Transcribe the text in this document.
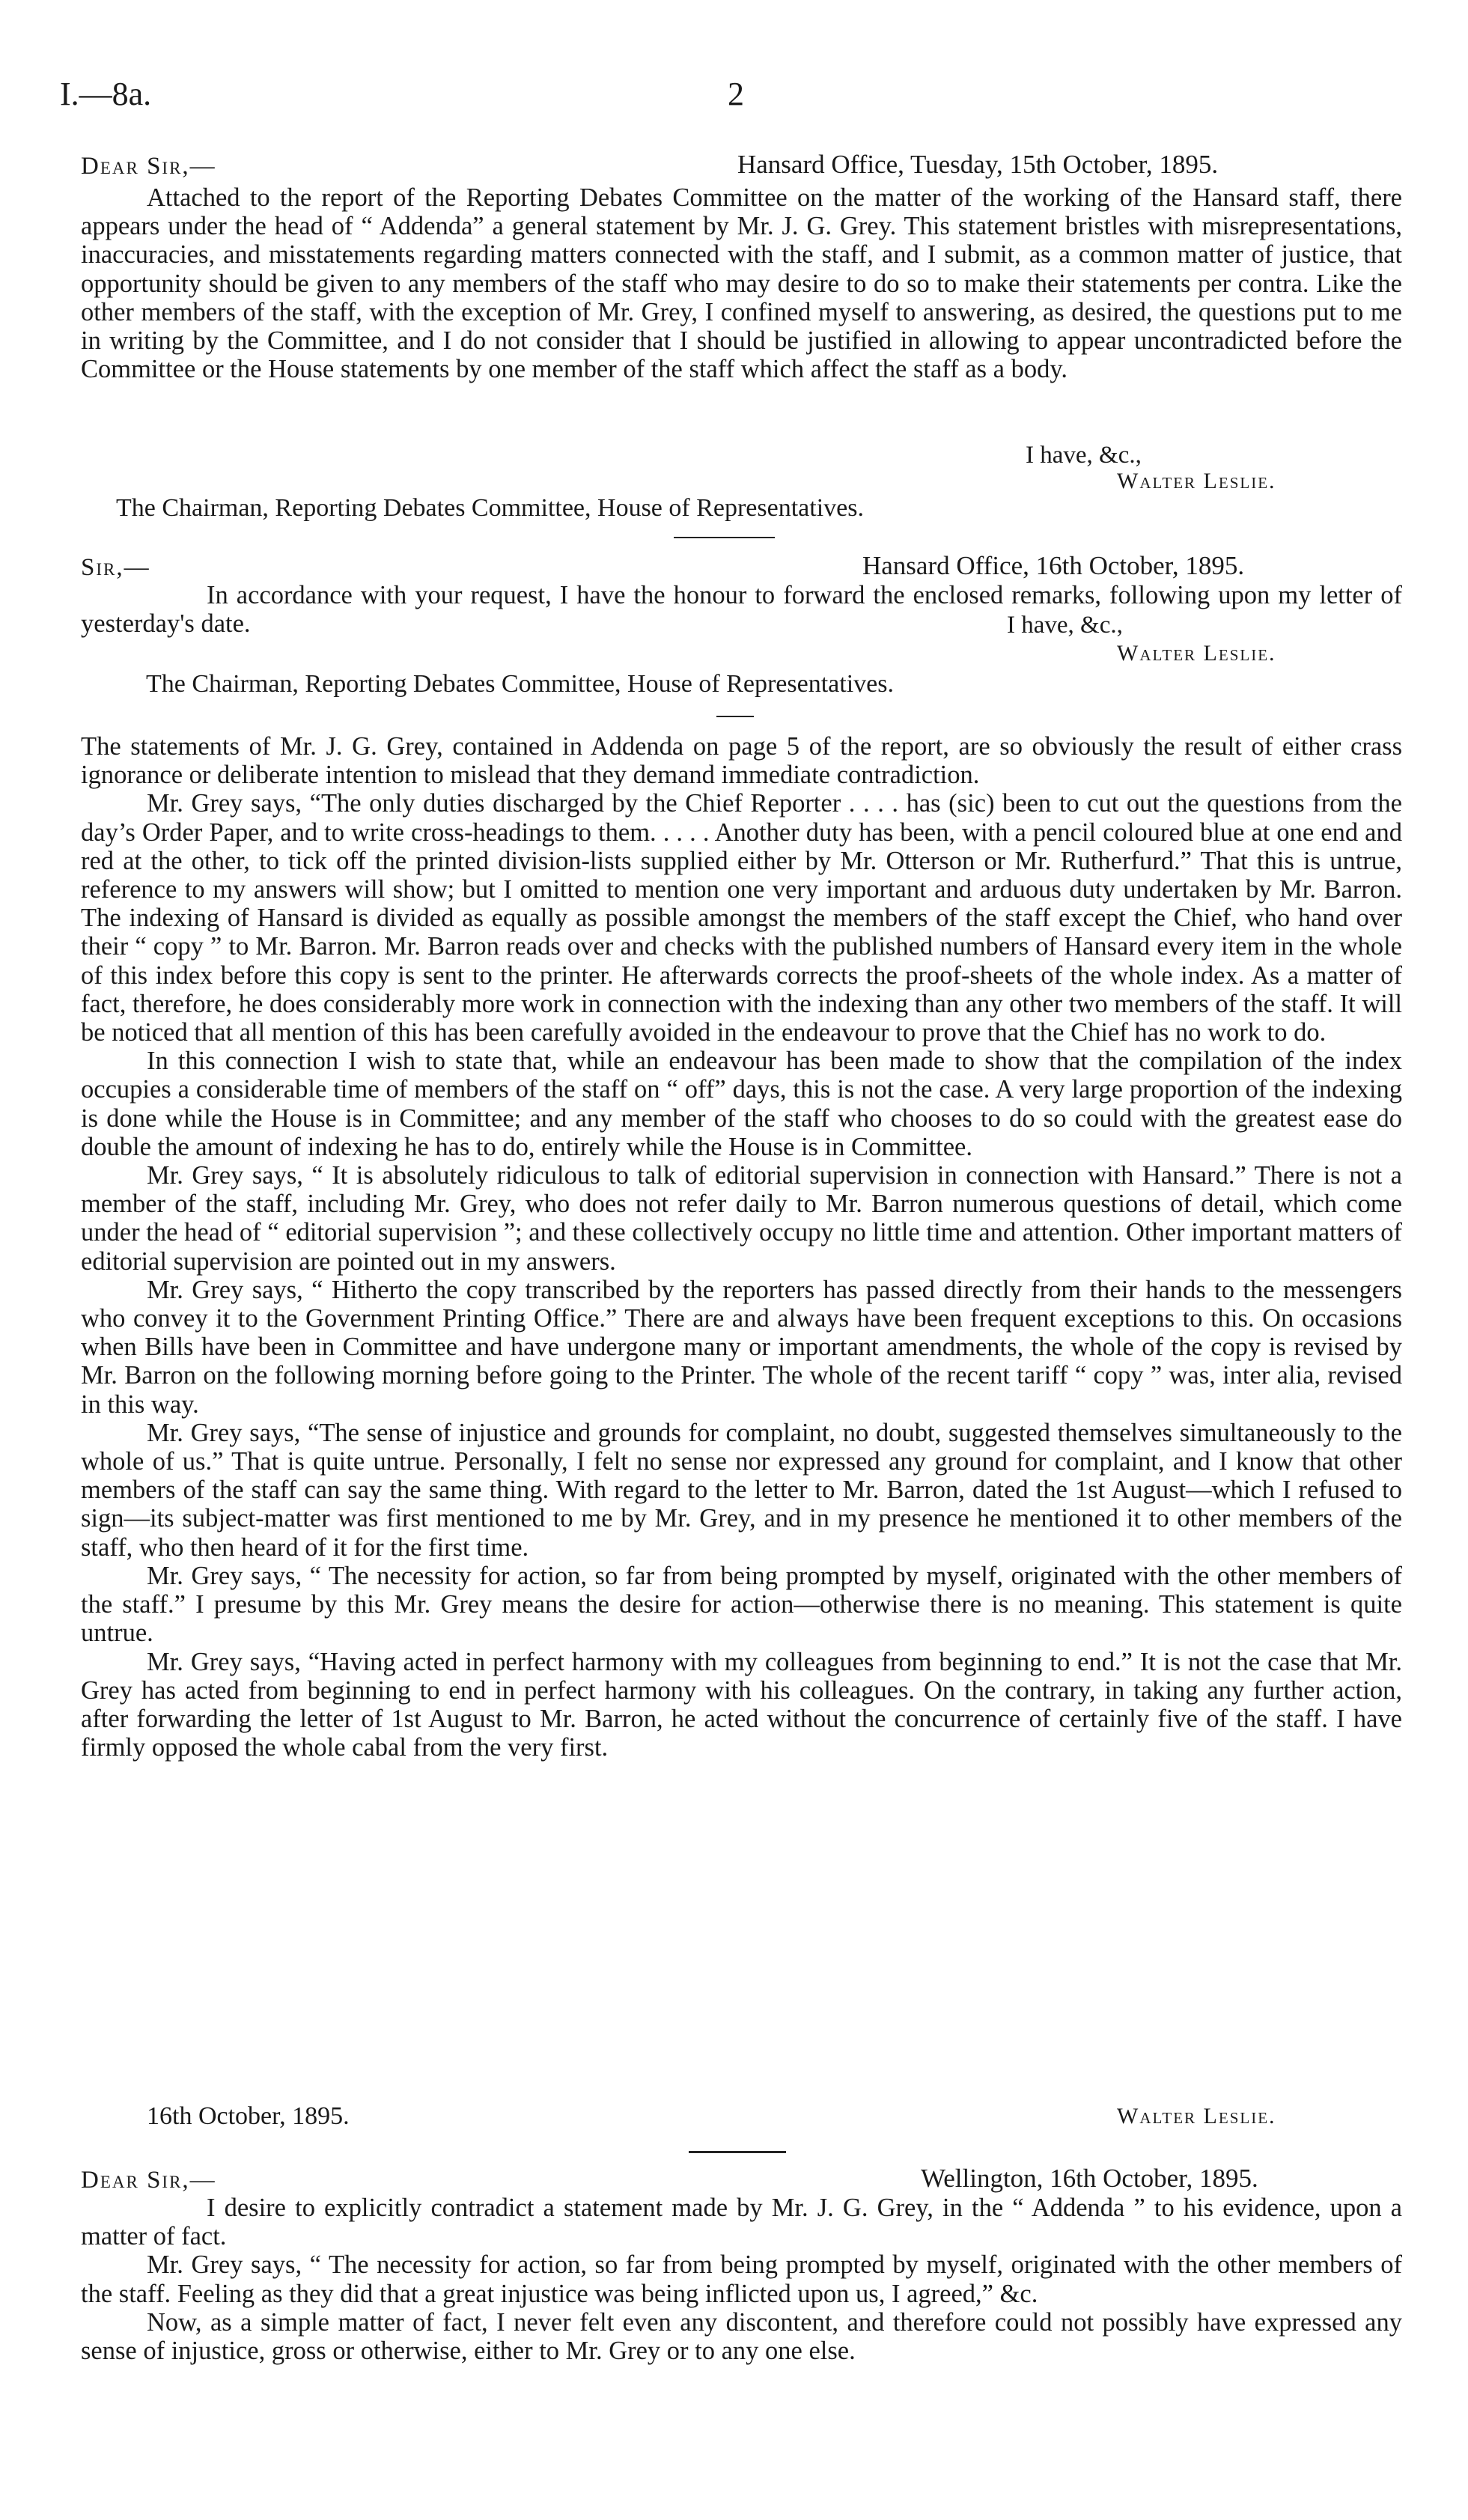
I.—8a.	2
Dear Sir,—	Hansard Office, Tuesday, 15th October, 1895.

Attached to the report of the Reporting Debates Committee on the matter of the working of the Hansard staff, there appears under the head of “ Addenda” a general statement by Mr. J. G. Grey. This statement bristles with misrepresentations, inaccuracies, and misstatements regarding matters connected with the staff, and I submit, as a common matter of justice, that opportunity should be given to any members of the staff who may desire to do so to make their statements per contra. Like the other members of the staff, with the exception of Mr. Grey, I confined myself to answering, as desired, the questions put to me in writing by the Committee, and I do not consider that I should be justified in allowing to appear uncontradicted before the Committee or the House statements by one member of the staff which affect the staff as a body.

I have, &c.,
Walter Leslie.
The Chairman, Reporting Debates Committee, House of Representatives.
Sir,—	Hansard Office, 16th October, 1895.

In accordance with your request, I have the honour to forward the enclosed remarks, following upon my letter of yesterday's date.	I have, &c.,
Walter Leslie.
The Chairman, Reporting Debates Committee, House of Representatives.

The statements of Mr. J. G. Grey, contained in Addenda on page 5 of the report, are so obviously the result of either crass ignorance or deliberate intention to mislead that they demand immediate contradiction.

Mr. Grey says, “The only duties discharged by the Chief Reporter . . . . has (sic) been to cut out the questions from the day’s Order Paper, and to write cross-headings to them. . . . . Another duty has been, with a pencil coloured blue at one end and red at the other, to tick off the printed division-lists supplied either by Mr. Otterson or Mr. Rutherfurd.” That this is untrue, reference to my answers will show; but I omitted to mention one very important and arduous duty undertaken by Mr. Barron. The indexing of Hansard is divided as equally as possible amongst the members of the staff except the Chief, who hand over their “ copy ” to Mr. Barron. Mr. Barron reads over and checks with the published numbers of Hansard every item in the whole of this index before this copy is sent to the printer. He afterwards corrects the proof-sheets of the whole index. As a matter of fact, therefore, he does considerably more work in connection with the indexing than any other two members of the staff. It will be noticed that all mention of this has been carefully avoided in the endeavour to prove that the Chief has no work to do.

In this connection I wish to state that, while an endeavour has been made to show that the compilation of the index occupies a considerable time of members of the staff on “ off” days, this is not the case. A very large proportion of the indexing is done while the House is in Committee; and any member of the staff who chooses to do so could with the greatest ease do double the amount of indexing he has to do, entirely while the House is in Committee.

Mr. Grey says, “ It is absolutely ridiculous to talk of editorial supervision in connection with Hansard.” There is not a member of the staff, including Mr. Grey, who does not refer daily to Mr. Barron numerous questions of detail, which come under the head of “ editorial supervision ”; and these collectively occupy no little time and attention. Other important matters of editorial supervision are pointed out in my answers.

Mr. Grey says, “ Hitherto the copy transcribed by the reporters has passed directly from their hands to the messengers who convey it to the Government Printing Office.” There are and always have been frequent exceptions to this. On occasions when Bills have been in Committee and have undergone many or important amendments, the whole of the copy is revised by Mr. Barron on the following morning before going to the Printer. The whole of the recent tariff “ copy ” was, inter alia, revised in this way.

Mr. Grey says, “The sense of injustice and grounds for complaint, no doubt, suggested themselves simultaneously to the whole of us.” That is quite untrue. Personally, I felt no sense nor expressed any ground for complaint, and I know that other members of the staff can say the same thing. With regard to the letter to Mr. Barron, dated the 1st August—which I refused to sign—its subject-matter was first mentioned to me by Mr. Grey, and in my presence he mentioned it to other members of the staff, who then heard of it for the first time.

Mr. Grey says, “ The necessity for action, so far from being prompted by myself, originated with the other members of the staff.” I presume by this Mr. Grey means the desire for action—otherwise there is no meaning. This statement is quite untrue.

Mr. Grey says, “Having acted in perfect harmony with my colleagues from beginning to end.” It is not the case that Mr. Grey has acted from beginning to end in perfect harmony with his colleagues. On the contrary, in taking any further action, after forwarding the letter of 1st August to Mr. Barron, he acted without the concurrence of certainly five of the staff. I have firmly opposed the whole cabal from the very first.

16th October, 1895.	Walter Leslie.
Dear Sir,—	Wellington, 16th October, 1895.

I desire to explicitly contradict a statement made by Mr. J. G. Grey, in the “ Addenda ” to his evidence, upon a matter of fact.

Mr. Grey says, “ The necessity for action, so far from being prompted by myself, originated with the other members of the staff. Feeling as they did that a great injustice was being inflicted upon us, I agreed,” &c.

Now, as a simple matter of fact, I never felt even any discontent, and therefore could not possibly have expressed any sense of injustice, gross or otherwise, either to Mr. Grey or to any one else.
